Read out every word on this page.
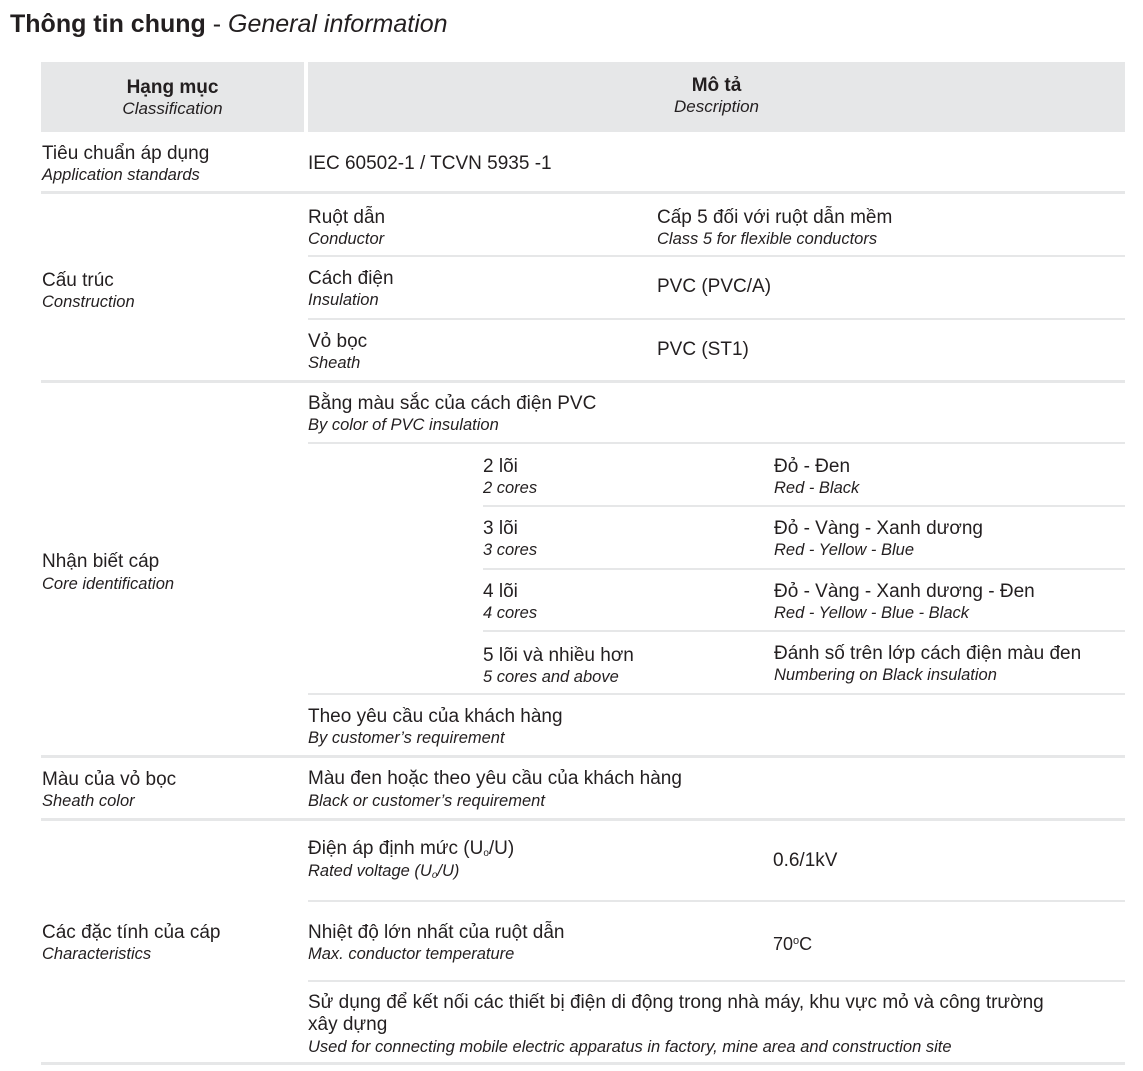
Thông tin chung - General information
Hạng mục
Classification
Mô tả
Description
Tiêu chuẩn áp dụng
Application standards
IEC 60502-1 / TCVN 5935 -1
Cấu trúc
Construction
Ruột dẫn
Conductor
Cấp 5 đối với ruột dẫn mềm
Class 5 for flexible conductors
Cách điện
Insulation
PVC (PVC/A)
Vỏ bọc
Sheath
PVC (ST1)
Nhận biết cáp
Core identification
Bằng màu sắc của cách điện PVC
By color of PVC insulation
2 lõi
2 cores
Đỏ - Đen
Red - Black
3 lõi
3 cores
Đỏ - Vàng - Xanh dương
Red - Yellow - Blue
4 lõi
4 cores
Đỏ - Vàng - Xanh dương - Đen
Red - Yellow - Blue - Black
5 lõi và nhiều hơn
5 cores and above
Đánh số trên lớp cách điện màu đen
Numbering on Black insulation
Theo yêu cầu của khách hàng
By customer’s requirement
Màu của vỏ bọc
Sheath color
Màu đen hoặc theo yêu cầu của khách hàng
Black or customer’s requirement
Các đặc tính của cáp
Characteristics
Điện áp định mức $(U_o/U)$
Rated voltage $(U_o/U)$	0.6/1kV
Nhiệt độ lớn nhất của ruột dẫn
Max. conductor temperature	70$^o$C
Sử dụng để kết nối các thiết bị điện di động trong nhà máy, khu vực mỏ và công trường
xây dựng
Used for connecting mobile electric apparatus in factory, mine area and construction site
